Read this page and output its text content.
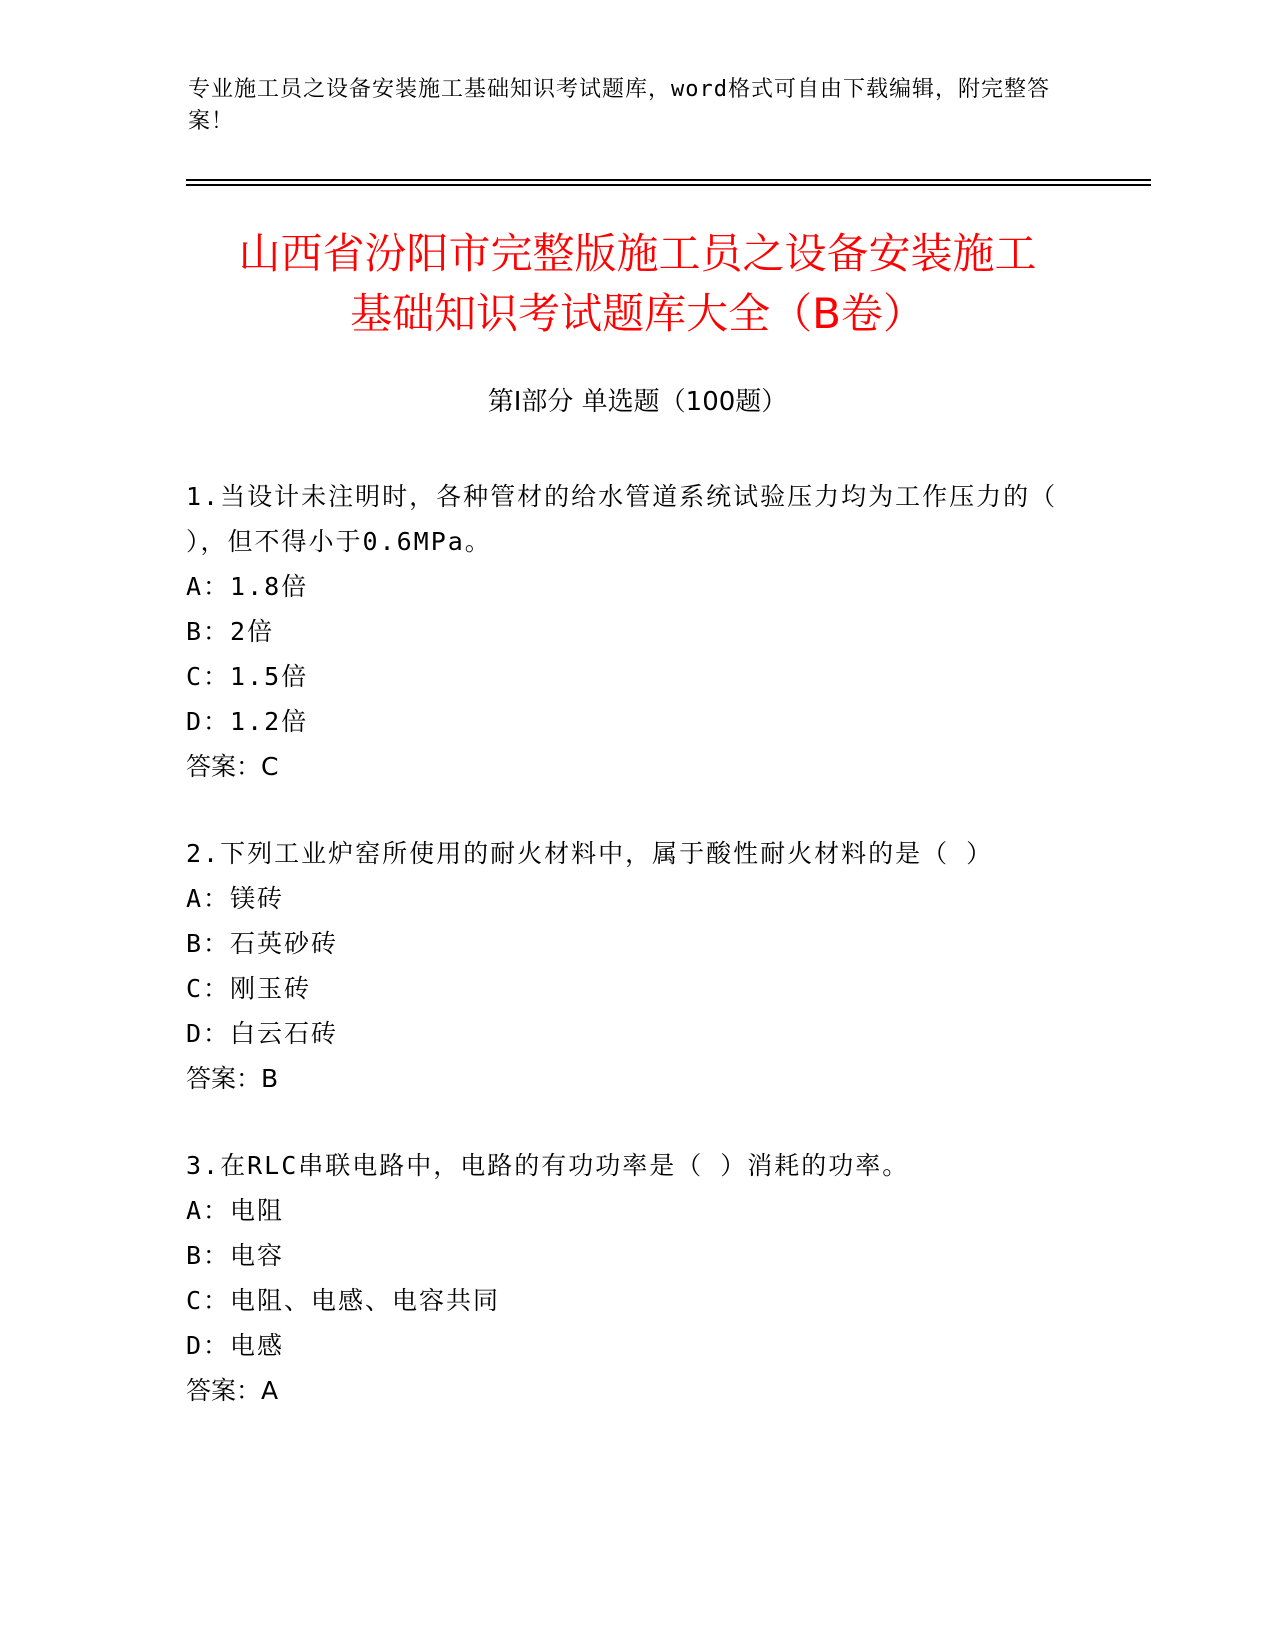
专业施工员之设备安装施工基础知识考试题库，word格式可自由下载编辑，附完整答案！
山西省汾阳市完整版施工员之设备安装施工
基础知识考试题库大全（B卷）
第Ⅰ部分 单选题（100题）
1.当设计未注明时，各种管材的给水管道系统试验压力均为工作压力的（ ），但不得小于0.6MPa。
A：1.8倍
B：2倍
C：1.5倍
D：1.2倍
答案：C
2.下列工业炉窑所使用的耐火材料中，属于酸性耐火材料的是（ ）
A：镁砖
B：石英砂砖
C：刚玉砖
D：白云石砖
答案：B
3.在RLC串联电路中，电路的有功功率是（ ）消耗的功率。
A：电阻
B：电容
C：电阻、电感、电容共同
D：电感
答案：A
